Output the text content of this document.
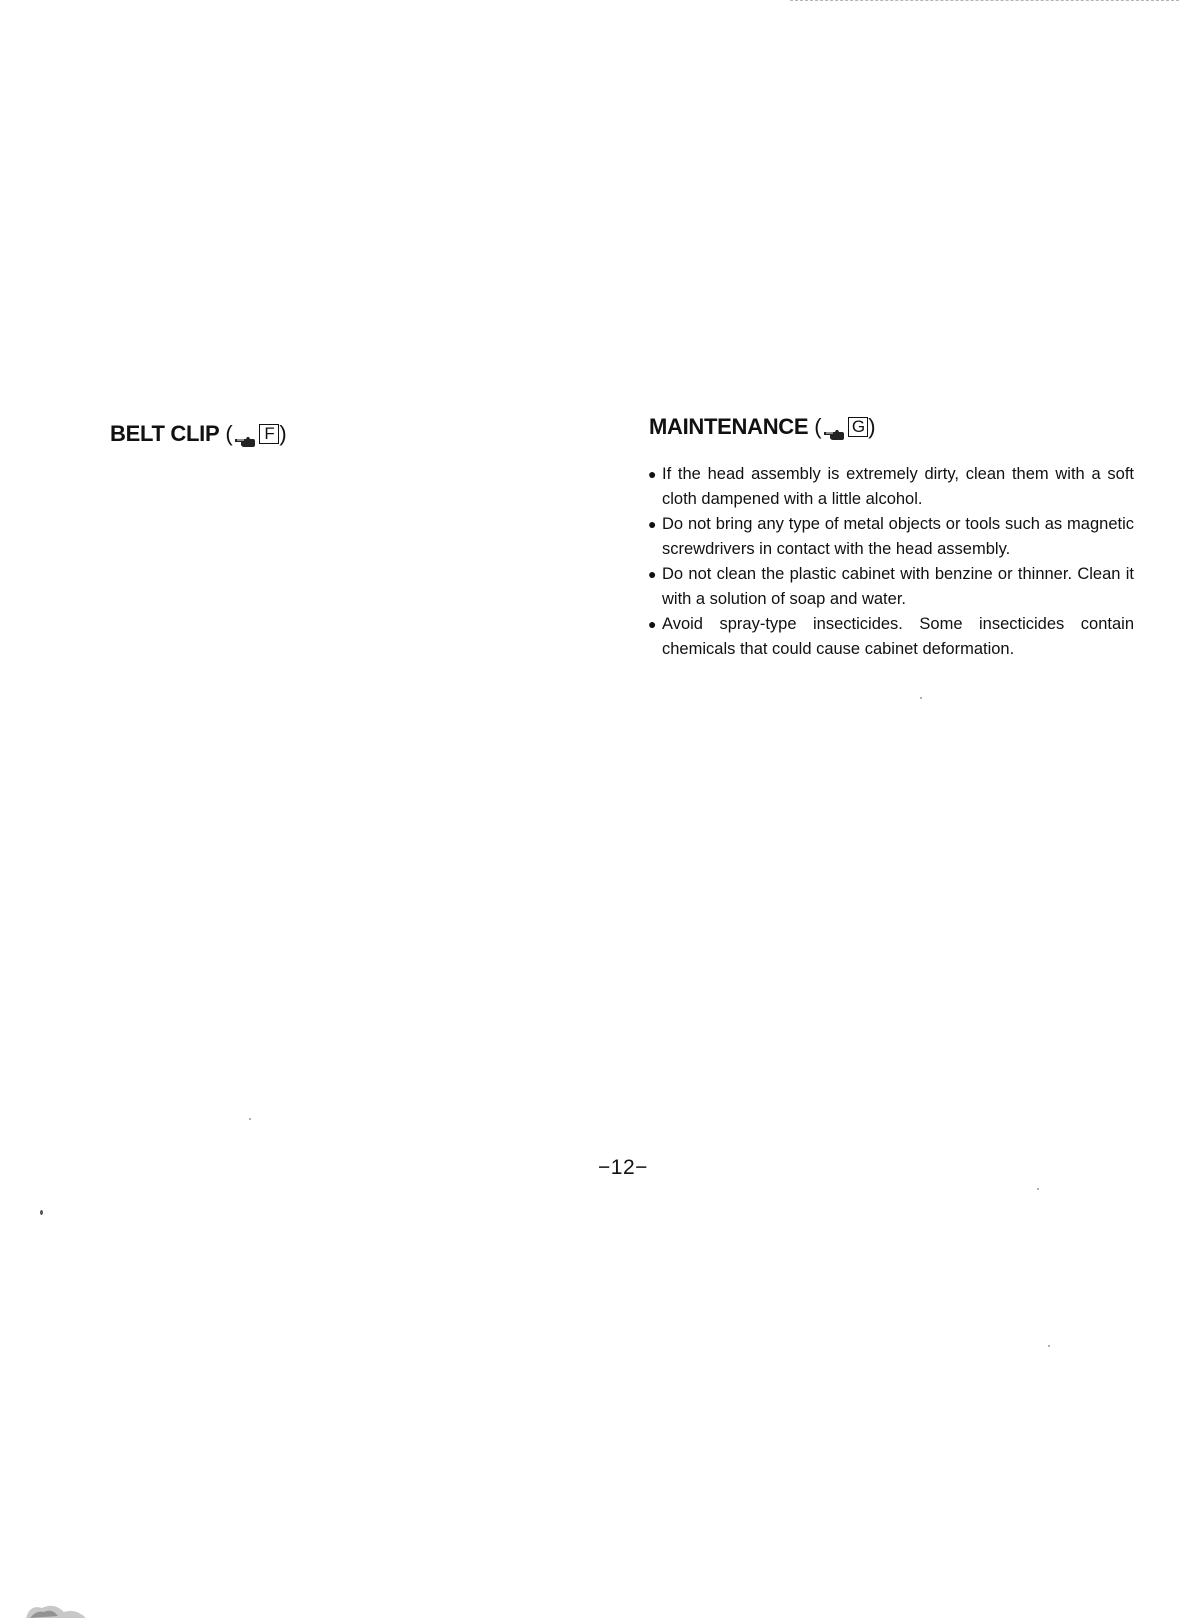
BELT CLIP ( F )	MAINTENANCE ( G )
● If the head assembly is extremely dirty, clean them with a soft cloth dampened with a little alcohol.
● Do not bring any type of metal objects or tools such as magnetic screwdrivers in contact with the head assembly.
● Do not clean the plastic cabinet with benzine or thinner. Clean it with a solution of soap and water.
● Avoid spray-type insecticides. Some insecticides contain chemicals that could cause cabinet deformation.
−12−
